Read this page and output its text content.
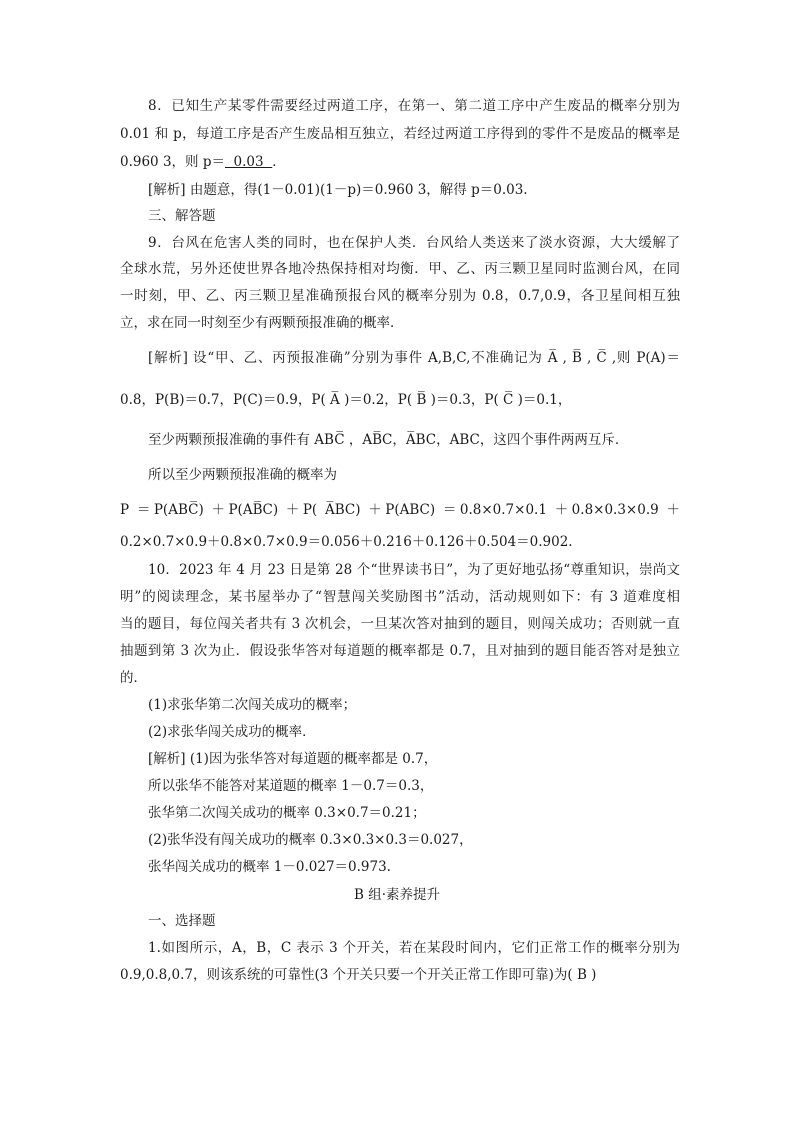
8．已知生产某零件需要经过两道工序，在第一、第二道工序中产生废品的概率分别为
0.01 和 p，每道工序是否产生废品相互独立，若经过两道工序得到的零件不是废品的概率是
0.960 3，则 p＝  0.03  ．
[解析] 由题意，得(1－0.01)(1－p)＝0.960 3，解得 p＝0.03.
三、解答题
9．台风在危害人类的同时，也在保护人类．台风给人类送来了淡水资源，大大缓解了
全球水荒，另外还使世界各地冷热保持相对均衡．甲、乙、丙三颗卫星同时监测台风，在同
一时刻，甲、乙、丙三颗卫星准确预报台风的概率分别为 0.8，0.7,0.9，各卫星间相互独
立，求在同一时刻至少有两颗预报准确的概率．
[解析] 设“甲、乙、丙预报准确”分别为事件 A,B,C,不准确记为 A̅ , B̅ , C̅ ,则 P(A)＝
0.8，P(B)＝0.7，P(C)＝0.9，P( A̅ )＝0.2，P( B̅ )＝0.3，P( C̅ )＝0.1，
至少两颗预报准确的事件有 ABC̅ ，AB̅C，A̅BC，ABC，这四个事件两两互斥．
所以至少两颗预报准确的概率为
P ＝P(ABC̅) ＋P(AB̅C) ＋P( A̅BC) ＋P(ABC) ＝0.8×0.7×0.1 ＋0.8×0.3×0.9 ＋
0.2×0.7×0.9＋0.8×0.7×0.9＝0.056＋0.216＋0.126＋0.504＝0.902.
10．2023 年 4 月 23 日是第 28 个“世界读书日”，为了更好地弘扬“尊重知识，崇尚文
明”的阅读理念，某书屋举办了“智慧闯关奖励图书”活动，活动规则如下：有 3 道难度相
当的题目，每位闯关者共有 3 次机会，一旦某次答对抽到的题目，则闯关成功；否则就一直
抽题到第 3 次为止．假设张华答对每道题的概率都是 0.7，且对抽到的题目能否答对是独立
的．
(1)求张华第二次闯关成功的概率；
(2)求张华闯关成功的概率．
[解析] (1)因为张华答对每道题的概率都是 0.7，
所以张华不能答对某道题的概率 1－0.7＝0.3，
张华第二次闯关成功的概率 0.3×0.7＝0.21；
(2)张华没有闯关成功的概率 0.3×0.3×0.3＝0.027，
张华闯关成功的概率 1－0.027＝0.973.
B 组·素养提升
一、选择题
1.如图所示，A，B，C 表示 3 个开关，若在某段时间内，它们正常工作的概率分别为
0.9,0.8,0.7，则该系统的可靠性(3 个开关只要一个开关正常工作即可靠)为( B )
